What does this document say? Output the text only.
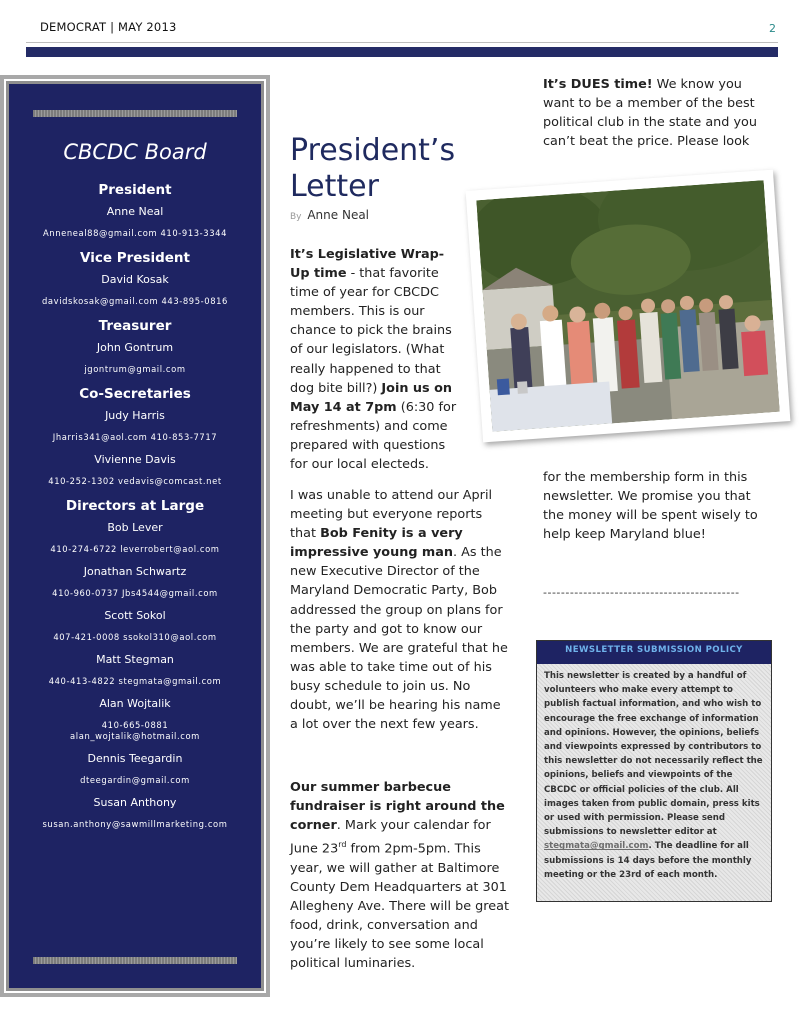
DEMOCRAT | MAY 2013	2
CBCDC Board
President
Anne Neal
Anneneal88@gmail.com 410-913-3344
Vice President
David Kosak
davidskosak@gmail.com 443-895-0816
Treasurer
John Gontrum
jgontrum@gmail.com
Co-Secretaries
Judy Harris
Jharris341@aol.com 410-853-7717
Vivienne Davis
410-252-1302 vedavis@comcast.net
Directors at Large
Bob Lever
410-274-6722 leverrobert@aol.com
Jonathan Schwartz
410-960-0737 Jbs4544@gmail.com
Scott Sokol
407-421-0008 ssokol310@aol.com
Matt Stegman
440-413-4822 stegmata@gmail.com
Alan Wojtalik
410-665-0881
alan_wojtalik@hotmail.com
Dennis Teegardin
dteegardin@gmail.com
Susan Anthony
susan.anthony@sawmillmarketing.com
President’s
Letter
By Anne Neal
It’s Legislative Wrap-Up time - that favorite time of year for CBCDC members. This is our chance to pick the brains of our legislators. (What really happened to that dog bite bill?) Join us on May 14 at 7pm (6:30 for refreshments) and come prepared with questions for our local electeds.
I was unable to attend our April meeting but everyone reports that Bob Fenity is a very impressive young man. As the new Executive Director of the Maryland Democratic Party, Bob addressed the group on plans for the party and got to know our members. We are grateful that he was able to take time out of his busy schedule to join us. No doubt, we’ll be hearing his name a lot over the next few years.
Our summer barbecue fundraiser is right around the corner. Mark your calendar for June 23rd from 2pm-5pm. This year, we will gather at Baltimore County Dem Headquarters at 301 Allegheny Ave. There will be great food, drink, conversation and you’re likely to see some local political luminaries.
It’s DUES time! We know you want to be a member of the best political club in the state and you can’t beat the price. Please look
for the membership form in this newsletter. We promise you that the money will be spent wisely to help keep Maryland blue!
--------------------------------------------
NEWSLETTER SUBMISSION POLICY
This newsletter is created by a handful of volunteers who make every attempt to publish factual information, and who wish to encourage the free exchange of information and opinions. However, the opinions, beliefs and viewpoints expressed by contributors to this newsletter do not necessarily reflect the opinions, beliefs and viewpoints of the CBCDC or official policies of the club. All images taken from public domain, press kits or used with permission. Please send submissions to newsletter editor at stegmata@gmail.com. The deadline for all submissions is 14 days before the monthly meeting or the 23rd of each month.
